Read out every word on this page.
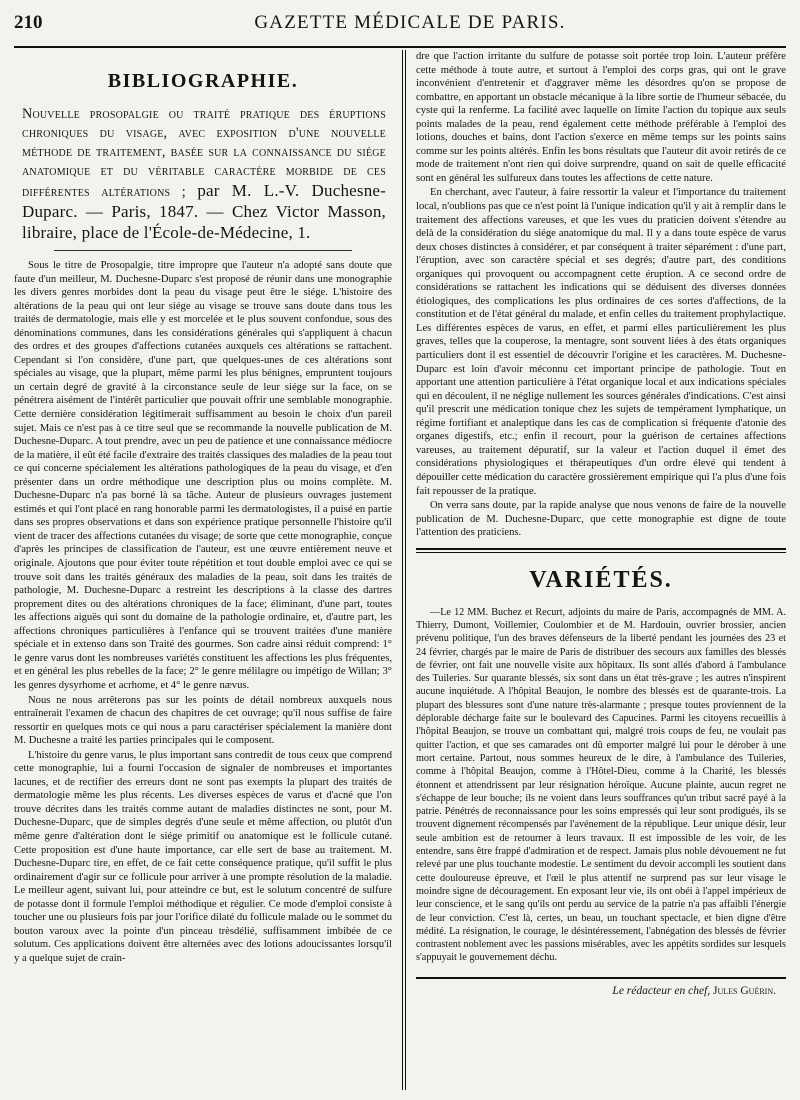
210	GAZETTE MÉDICALE DE PARIS.
BIBLIOGRAPHIE.
Nouvelle prosopalgie ou traité pratique des éruptions chroniques du visage, avec exposition d'une nouvelle méthode de traitement, basée sur la connaissance du siége anatomique et du véritable caractère morbide de ces différentes altérations ; par M. L.-V. Duchesne-Duparc. — Paris, 1847. — Chez Victor Masson, libraire, place de l'École-de-Médecine, 1.

Sous le titre de Prosopalgie, titre impropre que l'auteur n'a adopté sans doute que faute d'un meilleur, M. Duchesne-Duparc s'est proposé de réunir dans une monographie les divers genres morbides dont la peau du visage peut être le siége. L'histoire des altérations de la peau qui ont leur siége au visage se trouve sans doute dans tous les traités de dermatologie, mais elle y est morcelée et le plus souvent confondue, sous des dénominations communes, dans les considérations générales qui s'appliquent à chacun des ordres et des groupes d'affections cutanées auxquels ces altérations se rattachent. Cependant si l'on considère, d'une part, que quelques-unes de ces altérations sont spéciales au visage, que la plupart, même parmi les plus bénignes, empruntent toujours un certain degré de gravité à la circonstance seule de leur siége sur la face, on se pénétrera aisément de l'intérêt particulier que pouvait offrir une semblable monographie. Cette dernière considération légitimerait suffisamment au besoin le choix d'un pareil sujet. Mais ce n'est pas à ce titre seul que se recommande la nouvelle publication de M. Duchesne-Duparc. A tout prendre, avec un peu de patience et une connaissance médiocre de la matière, il eût été facile d'extraire des traités classiques des maladies de la peau tout ce qui concerne spécialement les altérations pathologiques de la peau du visage, et d'en présenter dans un ordre méthodique une description plus ou moins complète. M. Duchesne-Duparc n'a pas borné là sa tâche. Auteur de plusieurs ouvrages justement estimés et qui l'ont placé en rang honorable parmi les dermatologistes, il a puisé en partie dans ses propres observations et dans son expérience pratique personnelle l'histoire qu'il vient de tracer des affections cutanées du visage; de sorte que cette monographie, conçue d'après les principes de classification de l'auteur, est une œuvre entièrement neuve et originale. Ajoutons que pour éviter toute répétition et tout double emploi avec ce qui se trouve soit dans les traités généraux des maladies de la peau, soit dans les traités de pathologie, M. Duchesne-Duparc a restreint les descriptions à la classe des dartres proprement dites ou des altérations chroniques de la face; éliminant, d'une part, toutes les affections aiguës qui sont du domaine de la pathologie ordinaire, et, d'autre part, les affections chroniques particulières à l'enfance qui se trouvent traitées d'une manière spéciale et in extenso dans son Traité des gourmes. Son cadre ainsi réduit comprend: 1° le genre varus dont les nombreuses variétés constituent les affections les plus fréquentes, et en général les plus rebelles de la face; 2° le genre mélilagre ou impétigo de Willan; 3° les genres dysyrhome et acrhome, et 4° le genre nævus.

Nous ne nous arrêterons pas sur les points de détail nombreux auxquels nous entraînerait l'examen de chacun des chapitres de cet ouvrage; qu'il nous suffise de faire ressortir en quelques mots ce qui nous a paru caractériser spécialement la manière dont M. Duchesne a traité les parties principales qui le composent.

L'histoire du genre varus, le plus important sans contredit de tous ceux que comprend cette monographie, lui a fourni l'occasion de signaler de nombreuses et importantes lacunes, et de rectifier des erreurs dont ne sont pas exempts la plupart des traités de dermatologie même les plus récents. Les diverses espèces de varus et d'acné que l'on trouve décrites dans les traités comme autant de maladies distinctes ne sont, pour M. Duchesne-Duparc, que de simples degrés d'une seule et même affection, ou plutôt d'un même genre d'altération dont le siége primitif ou anatomique est le follicule cutané. Cette proposition est d'une haute importance, car elle sert de base au traitement. M. Duchesne-Duparc tire, en effet, de ce fait cette conséquence pratique, qu'il suffit le plus ordinairement d'agir sur ce follicule pour arriver à une prompte résolution de la maladie. Le meilleur agent, suivant lui, pour atteindre ce but, est le solutum concentré de sulfure de potasse dont il formule l'emploi méthodique et régulier. Ce mode d'emploi consiste à toucher une ou plusieurs fois par jour l'orifice dilaté du follicule malade ou le sommet du bouton varoux avec la pointe d'un pinceau trèsdélié, suffisamment imbibée de ce solutum. Ces applications doivent être alternées avec des lotions adoucissantes lorsqu'il y a quelque sujet de crain-

dre que l'action irritante du sulfure de potasse soit portée trop loin. L'auteur préfère cette méthode à toute autre, et surtout à l'emploi des corps gras, qui ont le grave inconvénient d'entretenir et d'aggraver même les désordres qu'on se propose de combattre, en apportant un obstacle mécanique à la libre sortie de l'humeur sébacée, du cyste qui la renferme. La facilité avec laquelle on limite l'action du topique aux seuls points malades de la peau, rend également cette méthode préférable à l'emploi des lotions, douches et bains, dont l'action s'exerce en même temps sur les points sains comme sur les points altérés. Enfin les bons résultats que l'auteur dit avoir retirés de ce mode de traitement n'ont rien qui doive surprendre, quand on sait de quelle efficacité sont en général les sulfureux dans toutes les affections de cette nature.

En cherchant, avec l'auteur, à faire ressortir la valeur et l'importance du traitement local, n'oublions pas que ce n'est point là l'unique indication qu'il y ait à remplir dans le traitement des affections vareuses, et que les vues du praticien doivent s'étendre au delà de la considération du siége anatomique du mal. Il y a dans toute espèce de varus deux choses distinctes à considérer, et par conséquent à traiter séparément : d'une part, l'éruption, avec son caractère spécial et ses degrés; d'autre part, des conditions organiques qui provoquent ou accompagnent cette éruption. A ce second ordre de considérations se rattachent les indications qui se déduisent des diverses données étiologiques, des complications les plus ordinaires de ces sortes d'affections, de la constitution et de l'état général du malade, et enfin celles du traitement prophylactique. Les différentes espèces de varus, en effet, et parmi elles particulièrement les plus graves, telles que la couperose, la mentagre, sont souvent liées à des états organiques particuliers dont il est essentiel de découvrir l'origine et les caractères. M. Duchesne-Duparc est loin d'avoir méconnu cet important principe de pathologie. Tout en apportant une attention particulière à l'état organique local et aux indications spéciales qui en découlent, il ne néglige nullement les sources générales d'indications. C'est ainsi qu'il prescrit une médication tonique chez les sujets de tempérament lymphatique, un régime fortifiant et analeptique dans les cas de complication si fréquente d'atonie des organes digestifs, etc.; enfin il recourt, pour la guérison de certaines affections vareuses, au traitement dépuratif, sur la valeur et l'action duquel il émet des considérations physiologiques et thérapeutiques d'un ordre élevé qui tendent à dépouiller cette médication du caractère grossièrement empirique qui l'a plus d'une fois fait repousser de la pratique.

On verra sans doute, par la rapide analyse que nous venons de faire de la nouvelle publication de M. Duchesne-Duparc, que cette monographie est digne de toute l'attention des praticiens.

VARIÉTÉS.

—Le 12 MM. Buchez et Recurt, adjoints du maire de Paris, accompagnés de MM. A. Thierry, Dumont, Voillemier, Coulombier et de M. Hardouin, ouvrier brossier, ancien prévenu politique, l'un des braves défenseurs de la liberté pendant les journées des 23 et 24 février, chargés par le maire de Paris de distribuer des secours aux familles des blessés de février, ont fait une nouvelle visite aux hôpitaux. Ils sont allés d'abord à l'ambulance des Tuileries. Sur quarante blessés, six sont dans un état très-grave ; les autres n'inspirent aucune inquiétude. A l'hôpital Beaujon, le nombre des blessés est de quarante-trois. La plupart des blessures sont d'une nature très-alarmante ; presque toutes proviennent de la déplorable décharge faite sur le boulevard des Capucines. Parmi les citoyens recueillis à l'hôpital Beaujon, se trouve un combattant qui, malgré trois coups de feu, ne voulait pas quitter l'action, et que ses camarades ont dû emporter malgré lui pour le dérober à une mort certaine. Partout, nous sommes heureux de le dire, à l'ambulance des Tuileries, comme à l'hôpital Beaujon, comme à l'Hôtel-Dieu, comme à la Charité, les blessés étonnent et attendrissent par leur résignation héroïque. Aucune plainte, aucun regret ne s'échappe de leur bouche; ils ne voient dans leurs souffrances qu'un tribut sacré payé à la patrie. Pénétrés de reconnaissance pour les soins empressés qui leur sont prodigués, ils se trouvent dignement récompensés par l'avénement de la république. Leur unique désir, leur seule ambition est de retourner à leurs travaux. Il est impossible de les voir, de les entendre, sans être frappé d'admiration et de respect. Jamais plus noble dévouement ne fut relevé par une plus touchante modestie. Le sentiment du devoir accompli les soutient dans cette douloureuse épreuve, et l'œil le plus attentif ne surprend pas sur leur visage le moindre signe de découragement. En exposant leur vie, ils ont obéi à l'appel impérieux de leur conscience, et le sang qu'ils ont perdu au service de la patrie n'a pas affaibli l'énergie de leur conviction. C'est là, certes, un beau, un touchant spectacle, et bien digne d'être médité. La résignation, le courage, le désintéressement, l'abnégation des blessés de février contrastent noblement avec les passions misérables, avec les appétits sordides sur lesquels s'appuyait le gouvernement déchu.

Le rédacteur en chef, Jules Guérin.
